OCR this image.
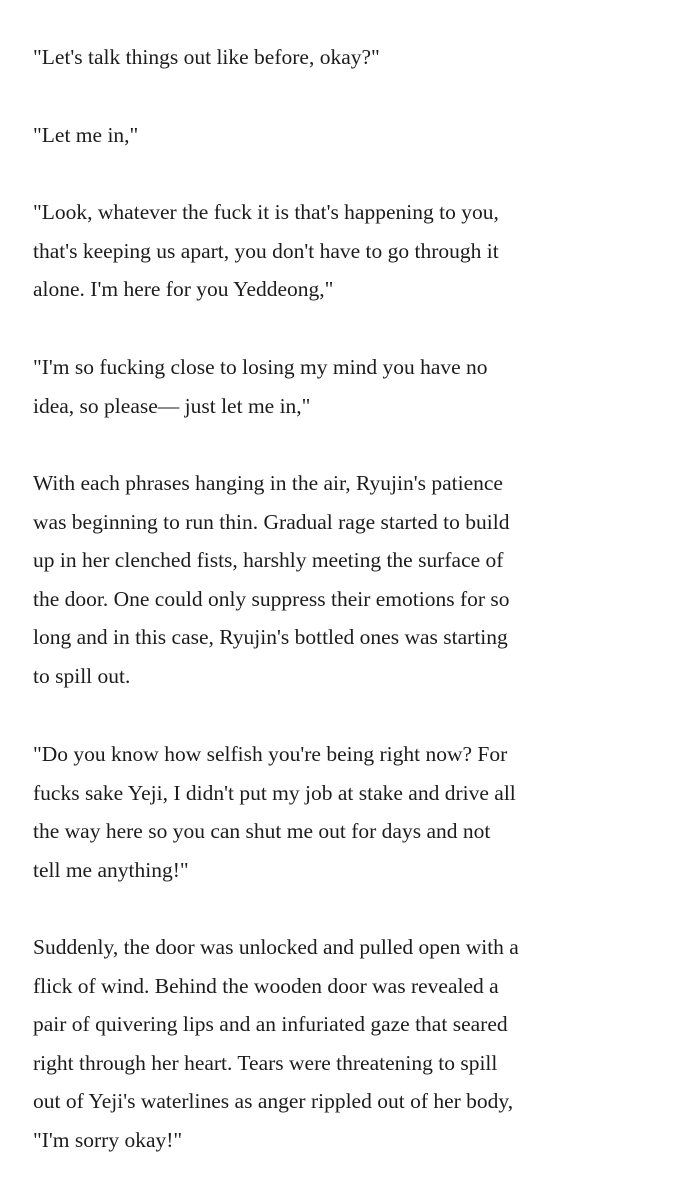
"Let's talk things out like before, okay?"

"Let me in,"

"Look, whatever the fuck it is that's happening to you,
that's keeping us apart, you don't have to go through it
alone. I'm here for you Yeddeong,"

"I'm so fucking close to losing my mind you have no
idea, so please— just let me in,"

With each phrases hanging in the air, Ryujin's patience
was beginning to run thin. Gradual rage started to build
up in her clenched fists, harshly meeting the surface of
the door. One could only suppress their emotions for so
long and in this case, Ryujin's bottled ones was starting
to spill out.

"Do you know how selfish you're being right now? For
fucks sake Yeji, I didn't put my job at stake and drive all
the way here so you can shut me out for days and not
tell me anything!"

Suddenly, the door was unlocked and pulled open with a
flick of wind. Behind the wooden door was revealed a
pair of quivering lips and an infuriated gaze that seared
right through her heart. Tears were threatening to spill
out of Yeji's waterlines as anger rippled out of her body,
"I'm sorry okay!"
